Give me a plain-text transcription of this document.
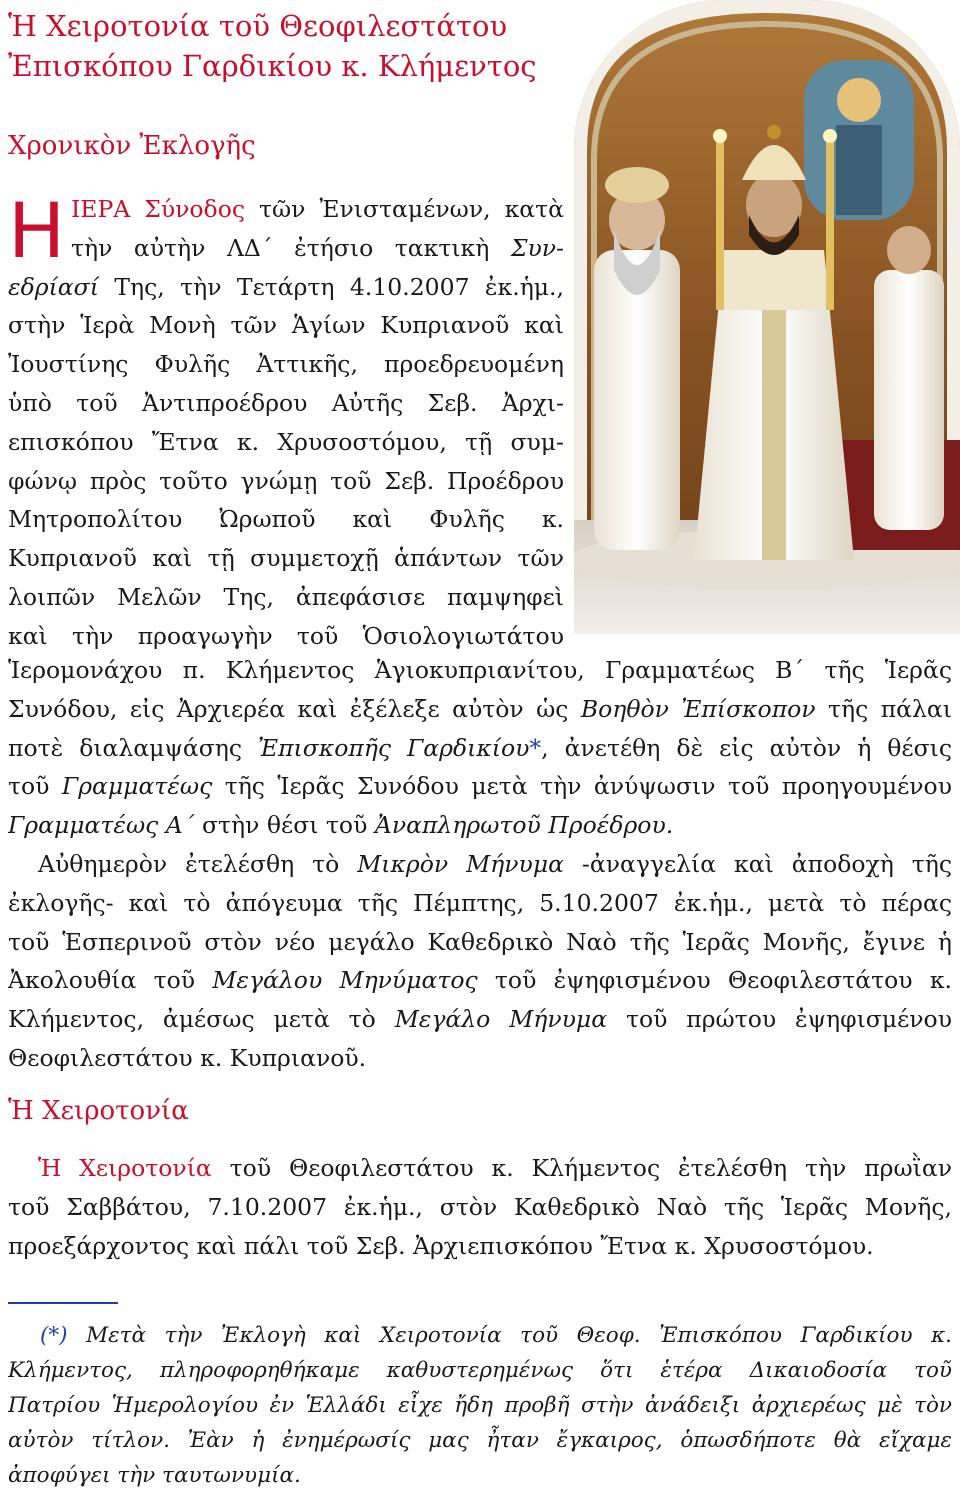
Ἡ Χειροτονία τοῦ Θεοφιλεστάτου
Ἐπισκόπου Γαρδικίου κ. Κλήμεντος
Χρονικὸν Ἐκλογῆς
Η ΙΕΡΑ Σύνοδος τῶν Ἐνισταμένων, κατὰ
τὴν αὐτὴν ΛΔ´ ἐτήσιο τακτικὴ Συν-
εδρίασί Της, τὴν Τετάρτη 4.10.2007 ἐκ.ἡμ.,
στὴν Ἱερὰ Μονὴ τῶν Ἁγίων Κυπριανοῦ καὶ
Ἰουστίνης Φυλῆς Ἀττικῆς, προεδρευομένη
ὑπὸ τοῦ Ἀντιπροέδρου Αὐτῆς Σεβ. Ἀρχι-
επισκόπου Ἔτνα κ. Χρυσοστόμου, τῇ συμ-
φώνῳ πρὸς τοῦτο γνώμῃ τοῦ Σεβ. Προέδρου
Μητροπολίτου Ὠρωποῦ καὶ Φυλῆς κ.
Κυπριανοῦ καὶ τῇ συμμετοχῇ ἁπάντων τῶν
λοιπῶν Μελῶν Της, ἀπεφάσισε παμψηφεὶ
καὶ τὴν προαγωγὴν τοῦ Ὁσιολογιωτάτου
Ἱερομονάχου π. Κλήμεντος Ἁγιοκυπριανίτου, Γραμματέως Β´ τῆς Ἱερᾶς
Συνόδου, εἰς Ἀρχιερέα καὶ ἐξέλεξε αὐτὸν ὡς Βοηθὸν Ἐπίσκοπον τῆς πάλαι
ποτὲ διαλαμψάσης Ἐπισκοπῆς Γαρδικίου*, ἀνετέθη δὲ εἰς αὐτὸν ἡ θέσις
τοῦ Γραμματέως τῆς Ἱερᾶς Συνόδου μετὰ τὴν ἀνύψωσιν τοῦ προηγουμένου
Γραμματέως Α´ στὴν θέσι τοῦ Ἀναπληρωτοῦ Προέδρου.
Αὐθημερὸν ἐτελέσθη τὸ Μικρὸν Μήνυμα -ἀναγγελία καὶ ἀποδοχὴ τῆς
ἐκλογῆς- καὶ τὸ ἀπόγευμα τῆς Πέμπτης, 5.10.2007 ἐκ.ἡμ., μετὰ τὸ πέρας
τοῦ Ἑσπερινοῦ στὸν νέο μεγάλο Καθεδρικὸ Ναὸ τῆς Ἱερᾶς Μονῆς, ἔγινε ἡ
Ἀκολουθία τοῦ Μεγάλου Μηνύματος τοῦ ἐψηφισμένου Θεοφιλεστάτου κ.
Κλήμεντος, ἀμέσως μετὰ τὸ Μεγάλο Μήνυμα τοῦ πρώτου ἐψηφισμένου
Θεοφιλεστάτου κ. Κυπριανοῦ.
Ἡ Χειροτονία
Ἡ Χειροτονία τοῦ Θεοφιλεστάτου κ. Κλήμεντος ἐτελέσθη τὴν πρωῒαν
τοῦ Σαββάτου, 7.10.2007 ἐκ.ἡμ., στὸν Καθεδρικὸ Ναὸ τῆς Ἱερᾶς Μονῆς,
προεξάρχοντος καὶ πάλι τοῦ Σεβ. Ἀρχιεπισκόπου Ἔτνα κ. Χρυσοστόμου.
(*) Μετὰ τὴν Ἐκλογὴ καὶ Χειροτονία τοῦ Θεοφ. Ἐπισκόπου Γαρδικίου κ.
Κλήμεντος, πληροφορηθήκαμε καθυστερημένως ὅτι ἑτέρα Δικαιοδοσία τοῦ
Πατρίου Ἡμερολογίου ἐν Ἑλλάδι εἶχε ἤδη προβῆ στὴν ἀνάδειξι ἀρχιερέως μὲ τὸν
αὐτὸν τίτλον. Ἐὰν ἡ ἐνημέρωσίς μας ἦταν ἔγκαιρος, ὁπωσδήποτε θὰ εἴχαμε
ἀποφύγει τὴν ταυτωνυμία.
